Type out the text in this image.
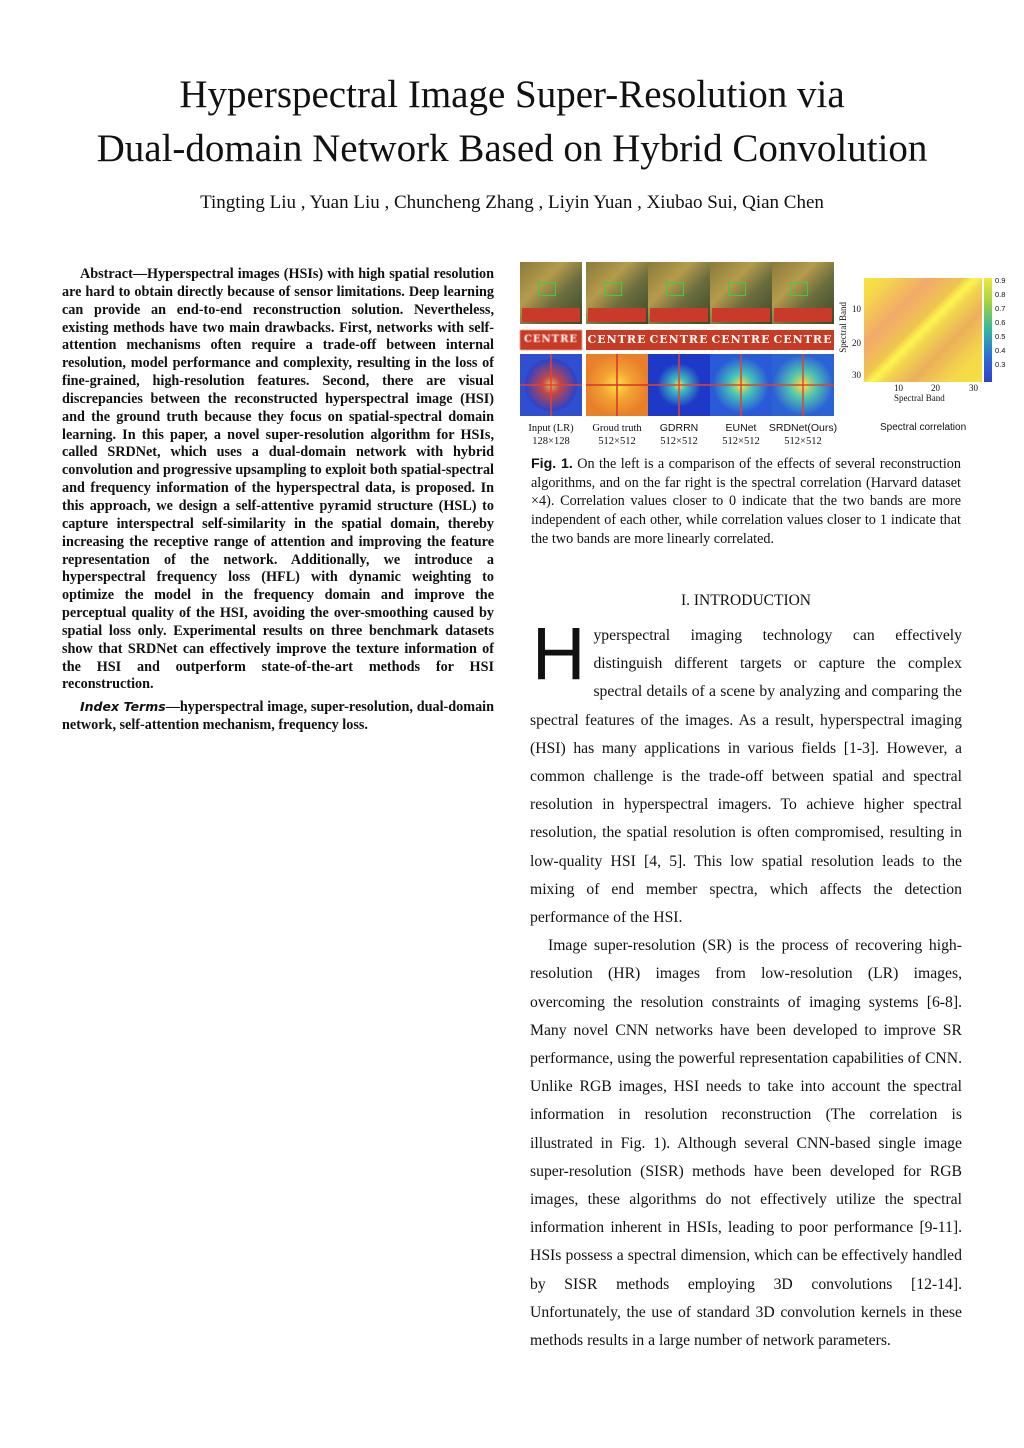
Hyperspectral Image Super-Resolution via
Dual-domain Network Based on Hybrid Convolution
Tingting Liu , Yuan Liu , Chuncheng Zhang , Liyin Yuan , Xiubao Sui, Qian Chen

Abstract—Hyperspectral images (HSIs) with high spatial resolution are hard to obtain directly because of sensor limitations. Deep learning can provide an end-to-end reconstruction solution. Nevertheless, existing methods have two main drawbacks. First, networks with self-attention mechanisms often require a trade-off between internal resolution, model performance and complexity, resulting in the loss of fine-grained, high-resolution features. Second, there are visual discrepancies between the reconstructed hyperspectral image (HSI) and the ground truth because they focus on spatial-spectral domain learning. In this paper, a novel super-resolution algorithm for HSIs, called SRDNet, which uses a dual-domain network with hybrid convolution and progressive upsampling to exploit both spatial-spectral and frequency information of the hyperspectral data, is proposed. In this approach, we design a self-attentive pyramid structure (HSL) to capture interspectral self-similarity in the spatial domain, thereby increasing the receptive range of attention and improving the feature representation of the network. Additionally, we introduce a hyperspectral frequency loss (HFL) with dynamic weighting to optimize the model in the frequency domain and improve the perceptual quality of the HSI, avoiding the over-smoothing caused by spatial loss only. Experimental results on three benchmark datasets show that SRDNet can effectively improve the texture information of the HSI and outperform state-of-the-art methods for HSI reconstruction.

Index Terms—hyperspectral image, super-resolution, dual-domain network, self-attention mechanism, frequency loss.

CENTRE
Input (LR)
128×128
CENTRE
Groud truth
512×512
CENTRE
GDRRN
512×512
CENTRE
EUNet
512×512
CENTRE
SRDNet(Ours)
512×512
0.9
0.8
0.7
0.6
0.5
0.4
0.3
10
20
30
Spectral Band
10	20	30
Spectral Band
Spectral correlation
Fig. 1. On the left is a comparison of the effects of several reconstruction algorithms, and on the far right is the spectral correlation (Harvard dataset ×4). Correlation values closer to 0 indicate that the two bands are more independent of each other, while correlation values closer to 1 indicate that the two bands are more linearly correlated.
I. INTRODUCTION

Hyperspectral imaging technology can effectively distinguish different targets or capture the complex spectral details of a scene by analyzing and comparing the spectral features of the images. As a result, hyperspectral imaging (HSI) has many applications in various fields [1-3]. However, a common challenge is the trade-off between spatial and spectral resolution in hyperspectral imagers. To achieve higher spectral resolution, the spatial resolution is often compromised, resulting in low-quality HSI [4, 5]. This low spatial resolution leads to the mixing of end member spectra, which affects the detection performance of the HSI.

Image super-resolution (SR) is the process of recovering high-resolution (HR) images from low-resolution (LR) images, overcoming the resolution constraints of imaging systems [6-8]. Many novel CNN networks have been developed to improve SR performance, using the powerful representation capabilities of CNN. Unlike RGB images, HSI needs to take into account the spectral information in resolution reconstruction (The correlation is illustrated in Fig. 1). Although several CNN-based single image super-resolution (SISR) methods have been developed for RGB images, these algorithms do not effectively utilize the spectral information inherent in HSIs, leading to poor performance [9-11]. HSIs possess a spectral dimension, which can be effectively handled by SISR methods employing 3D convolutions [12-14]. Unfortunately, the use of standard 3D convolution kernels in these methods results in a large number of network parameters.
